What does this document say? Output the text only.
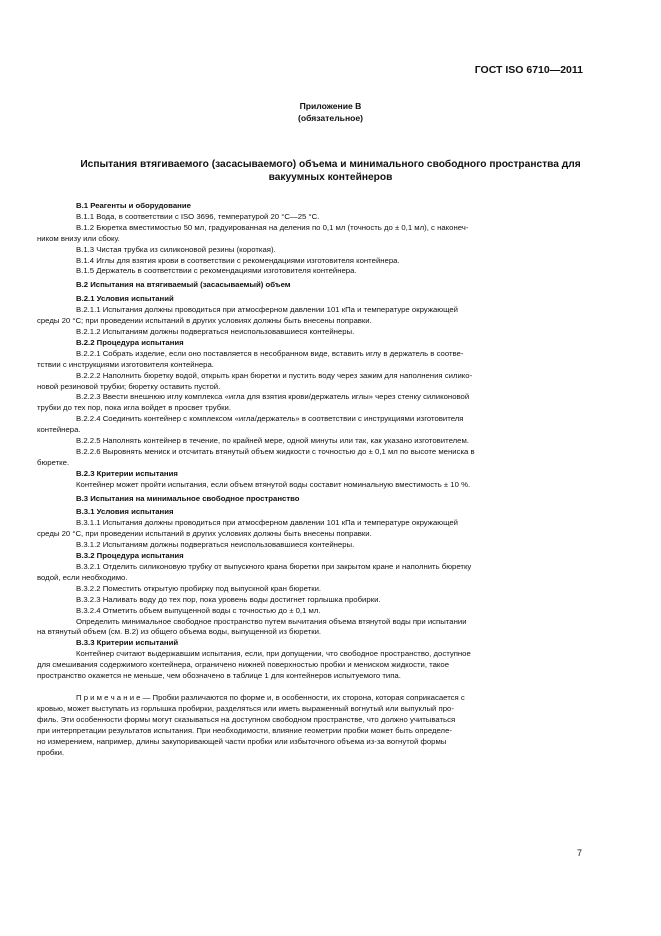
ГОСТ ISO 6710—2011
Приложение B
(обязательное)
Испытания втягиваемого (засасываемого) объема и минимального свободного пространства для вакуумных контейнеров

B.1 Реагенты и оборудование

B.1.1 Вода, в соответствии с ISO 3696, температурой 20 °С—25 °С.

B.1.2 Бюретка вместимостью 50 мл, градуированная на деления по 0,1 мл (точность до ± 0,1 мл), с наконеч-

ником внизу или сбоку.

B.1.3 Чистая трубка из силиконовой резины (короткая).

B.1.4 Иглы для взятия крови в соответствии с рекомендациями изготовителя контейнера.

B.1.5 Держатель в соответствии с рекомендациями изготовителя контейнера.

B.2 Испытания на втягиваемый (засасываемый) объем

B.2.1 Условия испытаний

B.2.1.1 Испытания должны проводиться при атмосферном давлении 101 кПа и температуре окружающей

среды 20 °С; при проведении испытаний в других условиях должны быть внесены поправки.

B.2.1.2 Испытаниям должны подвергаться неиспользовавшиеся контейнеры.

B.2.2 Процедура испытания

B.2.2.1 Собрать изделие, если оно поставляется в несобранном виде, вставить иглу в держатель в соотве-

тствии с инструкциями изготовителя контейнера.

B.2.2.2 Наполнить бюретку водой, открыть кран бюретки и пустить воду через зажим для наполнения силико-

новой резиновой трубки; бюретку оставить пустой.

B.2.2.3 Ввести внешнюю иглу комплекса «игла для взятия крови/держатель иглы» через стенку силиконовой

трубки до тех пор, пока игла войдет в просвет трубки.

B.2.2.4 Соединить контейнер с комплексом «игла/держатель» в соответствии с инструкциями изготовителя

контейнера.

B.2.2.5 Наполнять контейнер в течение, по крайней мере, одной минуты или так, как указано изготовителем.

B.2.2.6 Выровнять мениск и отсчитать втянутый объем жидкости с точностью до ± 0,1 мл по высоте мениска в

бюретке.

B.2.3 Критерии испытания

Контейнер может пройти испытания, если объем втянутой воды составит номинальную вместимость ± 10 %.

B.3 Испытания на минимальное свободное пространство

B.3.1 Условия испытания

B.3.1.1 Испытания должны проводиться при атмосферном давлении 101 кПа и температуре окружающей

среды 20 °С, при проведении испытаний в других условиях должны быть внесены поправки.

B.3.1.2 Испытаниям должны подвергаться неиспользовавшиеся контейнеры.

B.3.2 Процедура испытания

B.3.2.1 Отделить силиконовую трубку от выпускного крана бюретки при закрытом кране и наполнить бюретку

водой, если необходимо.

B.3.2.2 Поместить открытую пробирку под выпускной кран бюретки.

B.3.2.3 Наливать воду до тех пор, пока уровень воды достигнет горлышка пробирки.

B.3.2.4 Отметить объем выпущенной воды с точностью до ± 0,1 мл.

Определить минимальное свободное пространство путем вычитания объема втянутой воды при испытании

на втянутый объем (см. B.2) из общего объема воды, выпущенной из бюретки.

B.3.3 Критерии испытаний

Контейнер считают выдержавшим испытания, если, при допущении, что свободное пространство, доступное

для смешивания содержимого контейнера, ограничено нижней поверхностью пробки и мениском жидкости, такое

пространство окажется не меньше, чем обозначено в таблице 1 для контейнеров испытуемого типа.

П р и м е ч а н и е — Пробки различаются по форме и, в особенности, их сторона, которая соприкасается с

кровью, может выступать из горлышка пробирки, разделяться или иметь выраженный вогнутый или выпуклый про-

филь. Эти особенности формы могут сказываться на доступном свободном пространстве, что должно учитываться

при интерпретации результатов испытания. При необходимости, влияние геометрии пробки может быть определе-

но измерением, например, длины закупоривающей части пробки или избыточного объема из-за вогнутой формы

пробки.

7
